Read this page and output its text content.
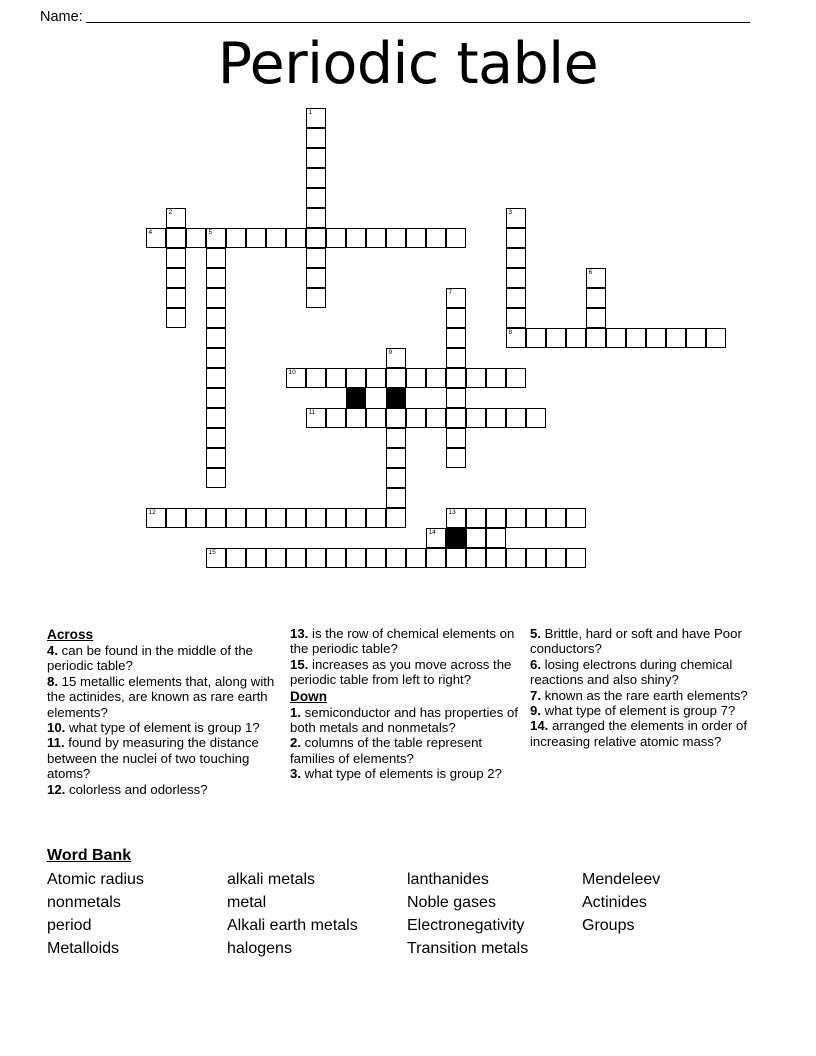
Name:
Periodic table
1
2	3
4	5
6
7
8
9
10
11
12	13
14
15
Across
4. can be found in the middle of the periodic table?
8. 15 metallic elements that, along with the actinides, are known as rare earth elements?
10. what type of element is group 1?
11. found by measuring the distance between the nuclei of two touching atoms?
12. colorless and odorless?
13. is the row of chemical elements on the periodic table?
15. increases as you move across the periodic table from left to right?
Down
1. semiconductor and has properties of both metals and nonmetals?
2. columns of the table represent families of elements?
3. what type of elements is group 2?
5. Brittle, hard or soft and have Poor conductors?
6. losing electrons during chemical reactions and also shiny?
7. known as the rare earth elements?
9. what type of element is group 7?
14. arranged the elements in order of increasing relative atomic mass?
Word Bank
Atomic radius	alkali metals	lanthanides	Mendeleev
nonmetals	metal	Noble gases	Actinides
period	Alkali earth metals	Electronegativity	Groups
Metalloids	halogens	Transition metals
